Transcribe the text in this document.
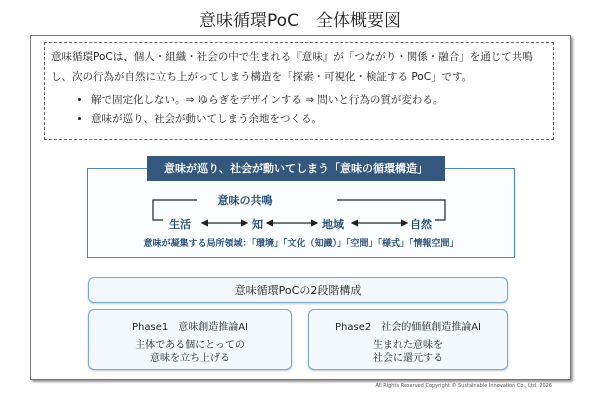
意味循環PoC　全体概要図
意味循環PoCは、個人・組織・社会の中で生まれる『意味』が「つながり・関係・融合」を通じて共鳴し、次の行為が自然に立ち上がってしまう構造を「探索・可視化・検証する PoC」です。
• 解で固定化しない。⇒ ゆらぎをデザインする ⇒ 問いと行為の質が変わる。
• 意味が巡り、社会が動いてしまう余地をつくる。
意味が巡り、社会が動いてしまう「意味の循環構造」
意味の共鳴
生活	知	地域	自然
意味が凝集する局所領域：「環境」「文化（知識）」「空間」「様式」「情報空間」
意味循環PoCの2段階構成
Phase1　意味創造推論AI
主体である個にとっての
意味を立ち上げる
Phase2　社会的価値創造推論AI
生まれた意味を
社会に還元する
All Rights Reserved Copyright © Sustainable Innovation Co., Ltd. 2026
